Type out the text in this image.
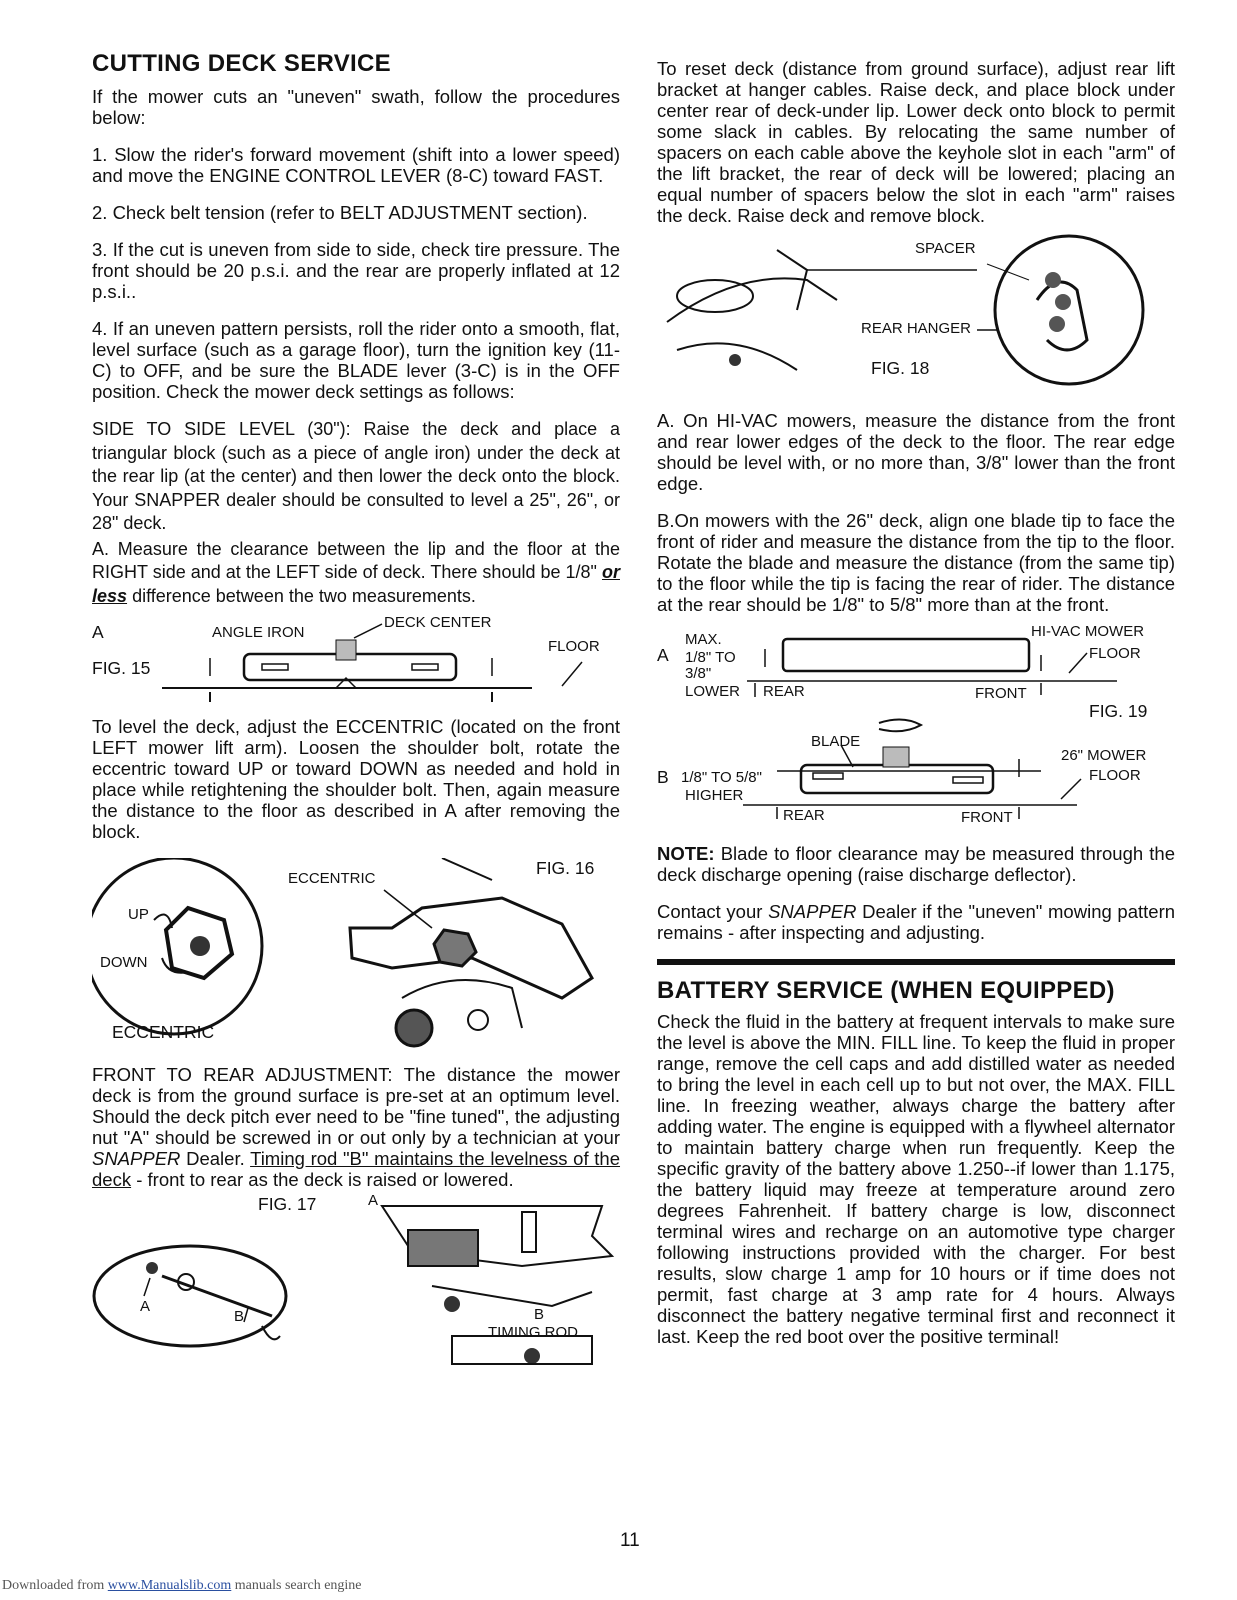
CUTTING DECK SERVICE

If the mower cuts an "uneven" swath, follow the procedures below:

1. Slow the rider's forward movement (shift into a lower speed) and move the ENGINE CONTROL LEVER (8-C) toward FAST.

2. Check belt tension (refer to BELT ADJUSTMENT section).

3. If the cut is uneven from side to side, check tire pressure. The front should be 20 p.s.i. and the rear are properly inflated at 12 p.s.i..

4. If an uneven pattern persists, roll the rider onto a smooth, flat, level surface (such as a garage floor), turn the ignition key (11-C) to OFF, and be sure the BLADE lever (3-C) is in the OFF position. Check the mower deck settings as follows:

SIDE TO SIDE LEVEL (30"): Raise the deck and place a triangular block (such as a piece of angle iron) under the deck at the rear lip (at the center) and then lower the deck onto the block. Your SNAPPER dealer should be consulted to level a 25", 26", or 28" deck.

A. Measure the clearance between the lip and the floor at the RIGHT side and at the LEFT side of deck. There should be 1/8" or less difference between the two measurements.

A	ANGLE IRON
DECK CENTER
FLOOR
FIG. 15

To level the deck, adjust the ECCENTRIC (located on the front LEFT mower lift arm). Loosen the shoulder bolt, rotate the eccentric toward UP or toward DOWN as needed and hold in place while retightening the shoulder bolt. Then, again measure the distance to the floor as described in A after removing the block.

ECCENTRIC
FIG. 16
UP
DOWN
ECCENTRIC

FRONT TO REAR ADJUSTMENT: The distance the mower deck is from the ground surface is pre-set at an optimum level. Should the deck pitch ever need to be "fine tuned", the adjusting nut "A" should be screwed in or out only by a technician at your SNAPPER Dealer. Timing rod "B" maintains the levelness of the deck - front to rear as the deck is raised or lowered.

FIG. 17	A
A
B	B
TIMING ROD

To reset deck (distance from ground surface), adjust rear lift bracket at hanger cables. Raise deck, and place block under center rear of deck-under lip. Lower deck onto block to permit some slack in cables. By relocating the same number of spacers on each cable above the keyhole slot in each "arm" of the lift bracket, the rear of deck will be lowered; placing an equal number of spacers below the slot in each "arm" raises the deck. Raise deck and remove block.

SPACER
REAR HANGER
FIG. 18

A. On HI-VAC mowers, measure the distance from the front and rear lower edges of the deck to the floor. The rear edge should be level with, or no more than, 3/8" lower than the front edge.

B.On mowers with the 26" deck, align one blade tip to face the front of rider and measure the distance from the tip to the floor. Rotate the blade and measure the distance (from the same tip) to the floor while the tip is facing the rear of rider. The distance at the rear should be 1/8" to 5/8" more than at the front.

MAX.	HI-VAC MOWER
A 1/8" TO
3/8"
LOWER REAR	FRONT
FLOOR
FIG. 19
BLADE
26" MOWER
B 1/8" TO 5/8"
HIGHER
FLOOR
REAR	FRONT

NOTE: Blade to floor clearance may be measured through the deck discharge opening (raise discharge deflector).

Contact your SNAPPER Dealer if the "uneven" mowing pattern remains - after inspecting and adjusting.

BATTERY SERVICE (WHEN EQUIPPED)

Check the fluid in the battery at frequent intervals to make sure the level is above the MIN. FILL line. To keep the fluid in proper range, remove the cell caps and add distilled water as needed to bring the level in each cell up to but not over, the MAX. FILL line. In freezing weather, always charge the battery after adding water. The engine is equipped with a flywheel alternator to maintain battery charge when run frequently. Keep the specific gravity of the battery above 1.250--if lower than 1.175, the battery liquid may freeze at temperature around zero degrees Fahrenheit. If battery charge is low, disconnect terminal wires and recharge on an automotive type charger following instructions provided with the charger. For best results, slow charge 1 amp for 10 hours or if time does not permit, fast charge at 3 amp rate for 4 hours. Always disconnect the battery negative terminal first and reconnect it last. Keep the red boot over the positive terminal!

11
Downloaded from www.Manualslib.com manuals search engine
